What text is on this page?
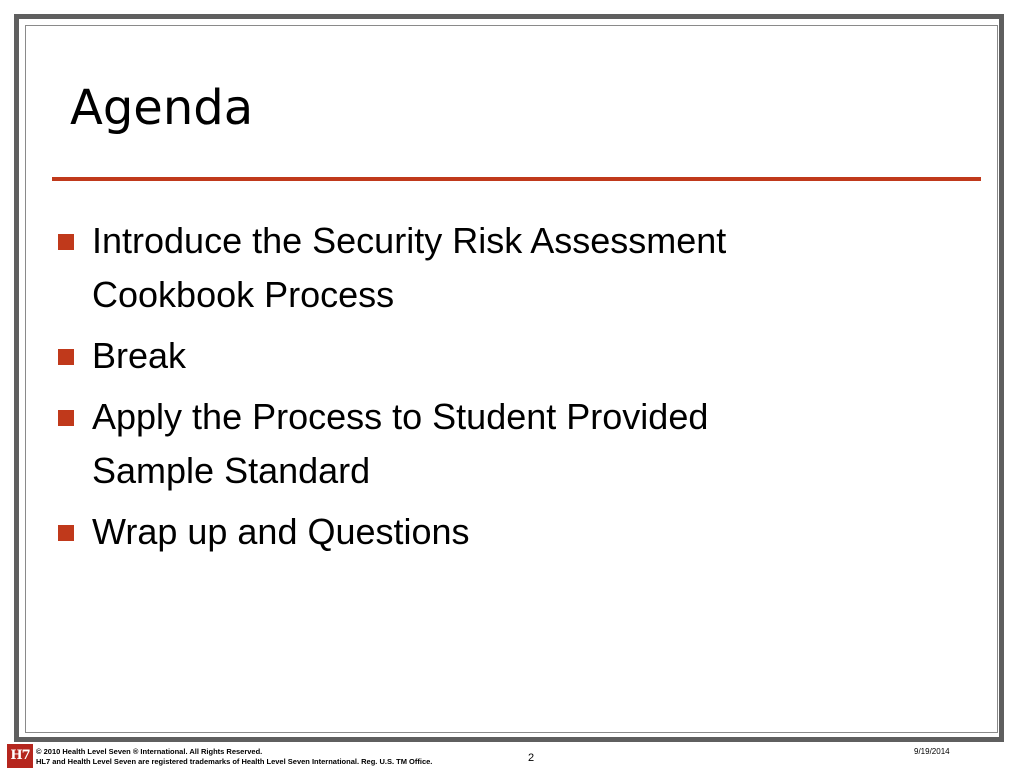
Agenda
Introduce the Security Risk Assessment
Cookbook Process
Break
Apply the Process to Student Provided
Sample Standard
Wrap up and Questions
H7 © 2010 Health Level Seven ® International. All Rights Reserved.
HL7 and Health Level Seven are registered trademarks of Health Level Seven International. Reg. U.S. TM Office.	2
9/19/2014
